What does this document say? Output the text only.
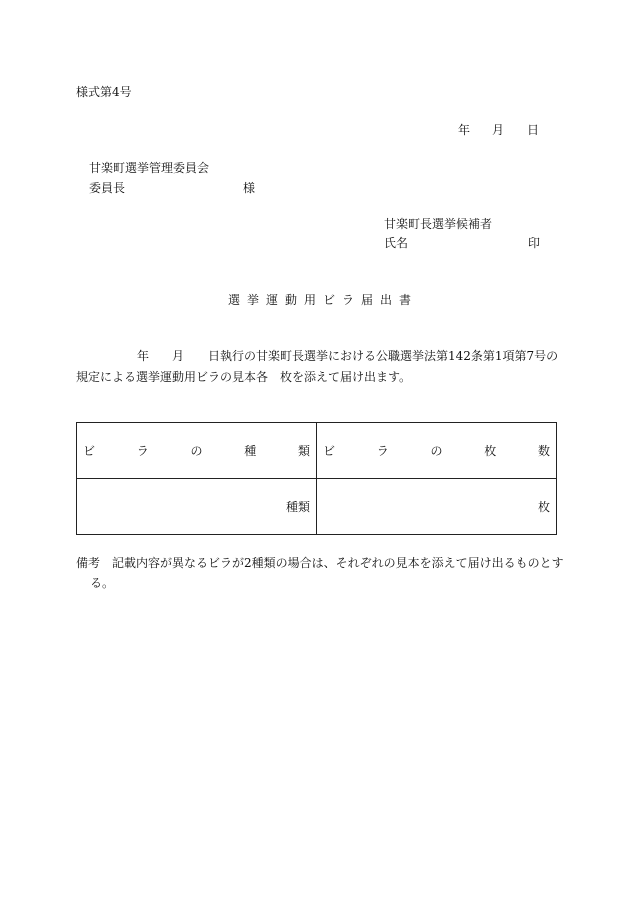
様式第4号
年 月 日
甘楽町選挙管理委員会
委員長	様
甘楽町長選挙候補者
氏名	印
選挙運動用ビラ届出書
年 月 日執行の甘楽町長選挙における公職選挙法第142条第1項第7号の
規定による選挙運動用ビラの見本各　枚を添えて届け出ます。
ビ ラ の 種 類	ビ ラ の 枚 数

種類	枚
備考 記載内容が異なるビラが2種類の場合は、それぞれの見本を添えて届け出るものとす
る。
